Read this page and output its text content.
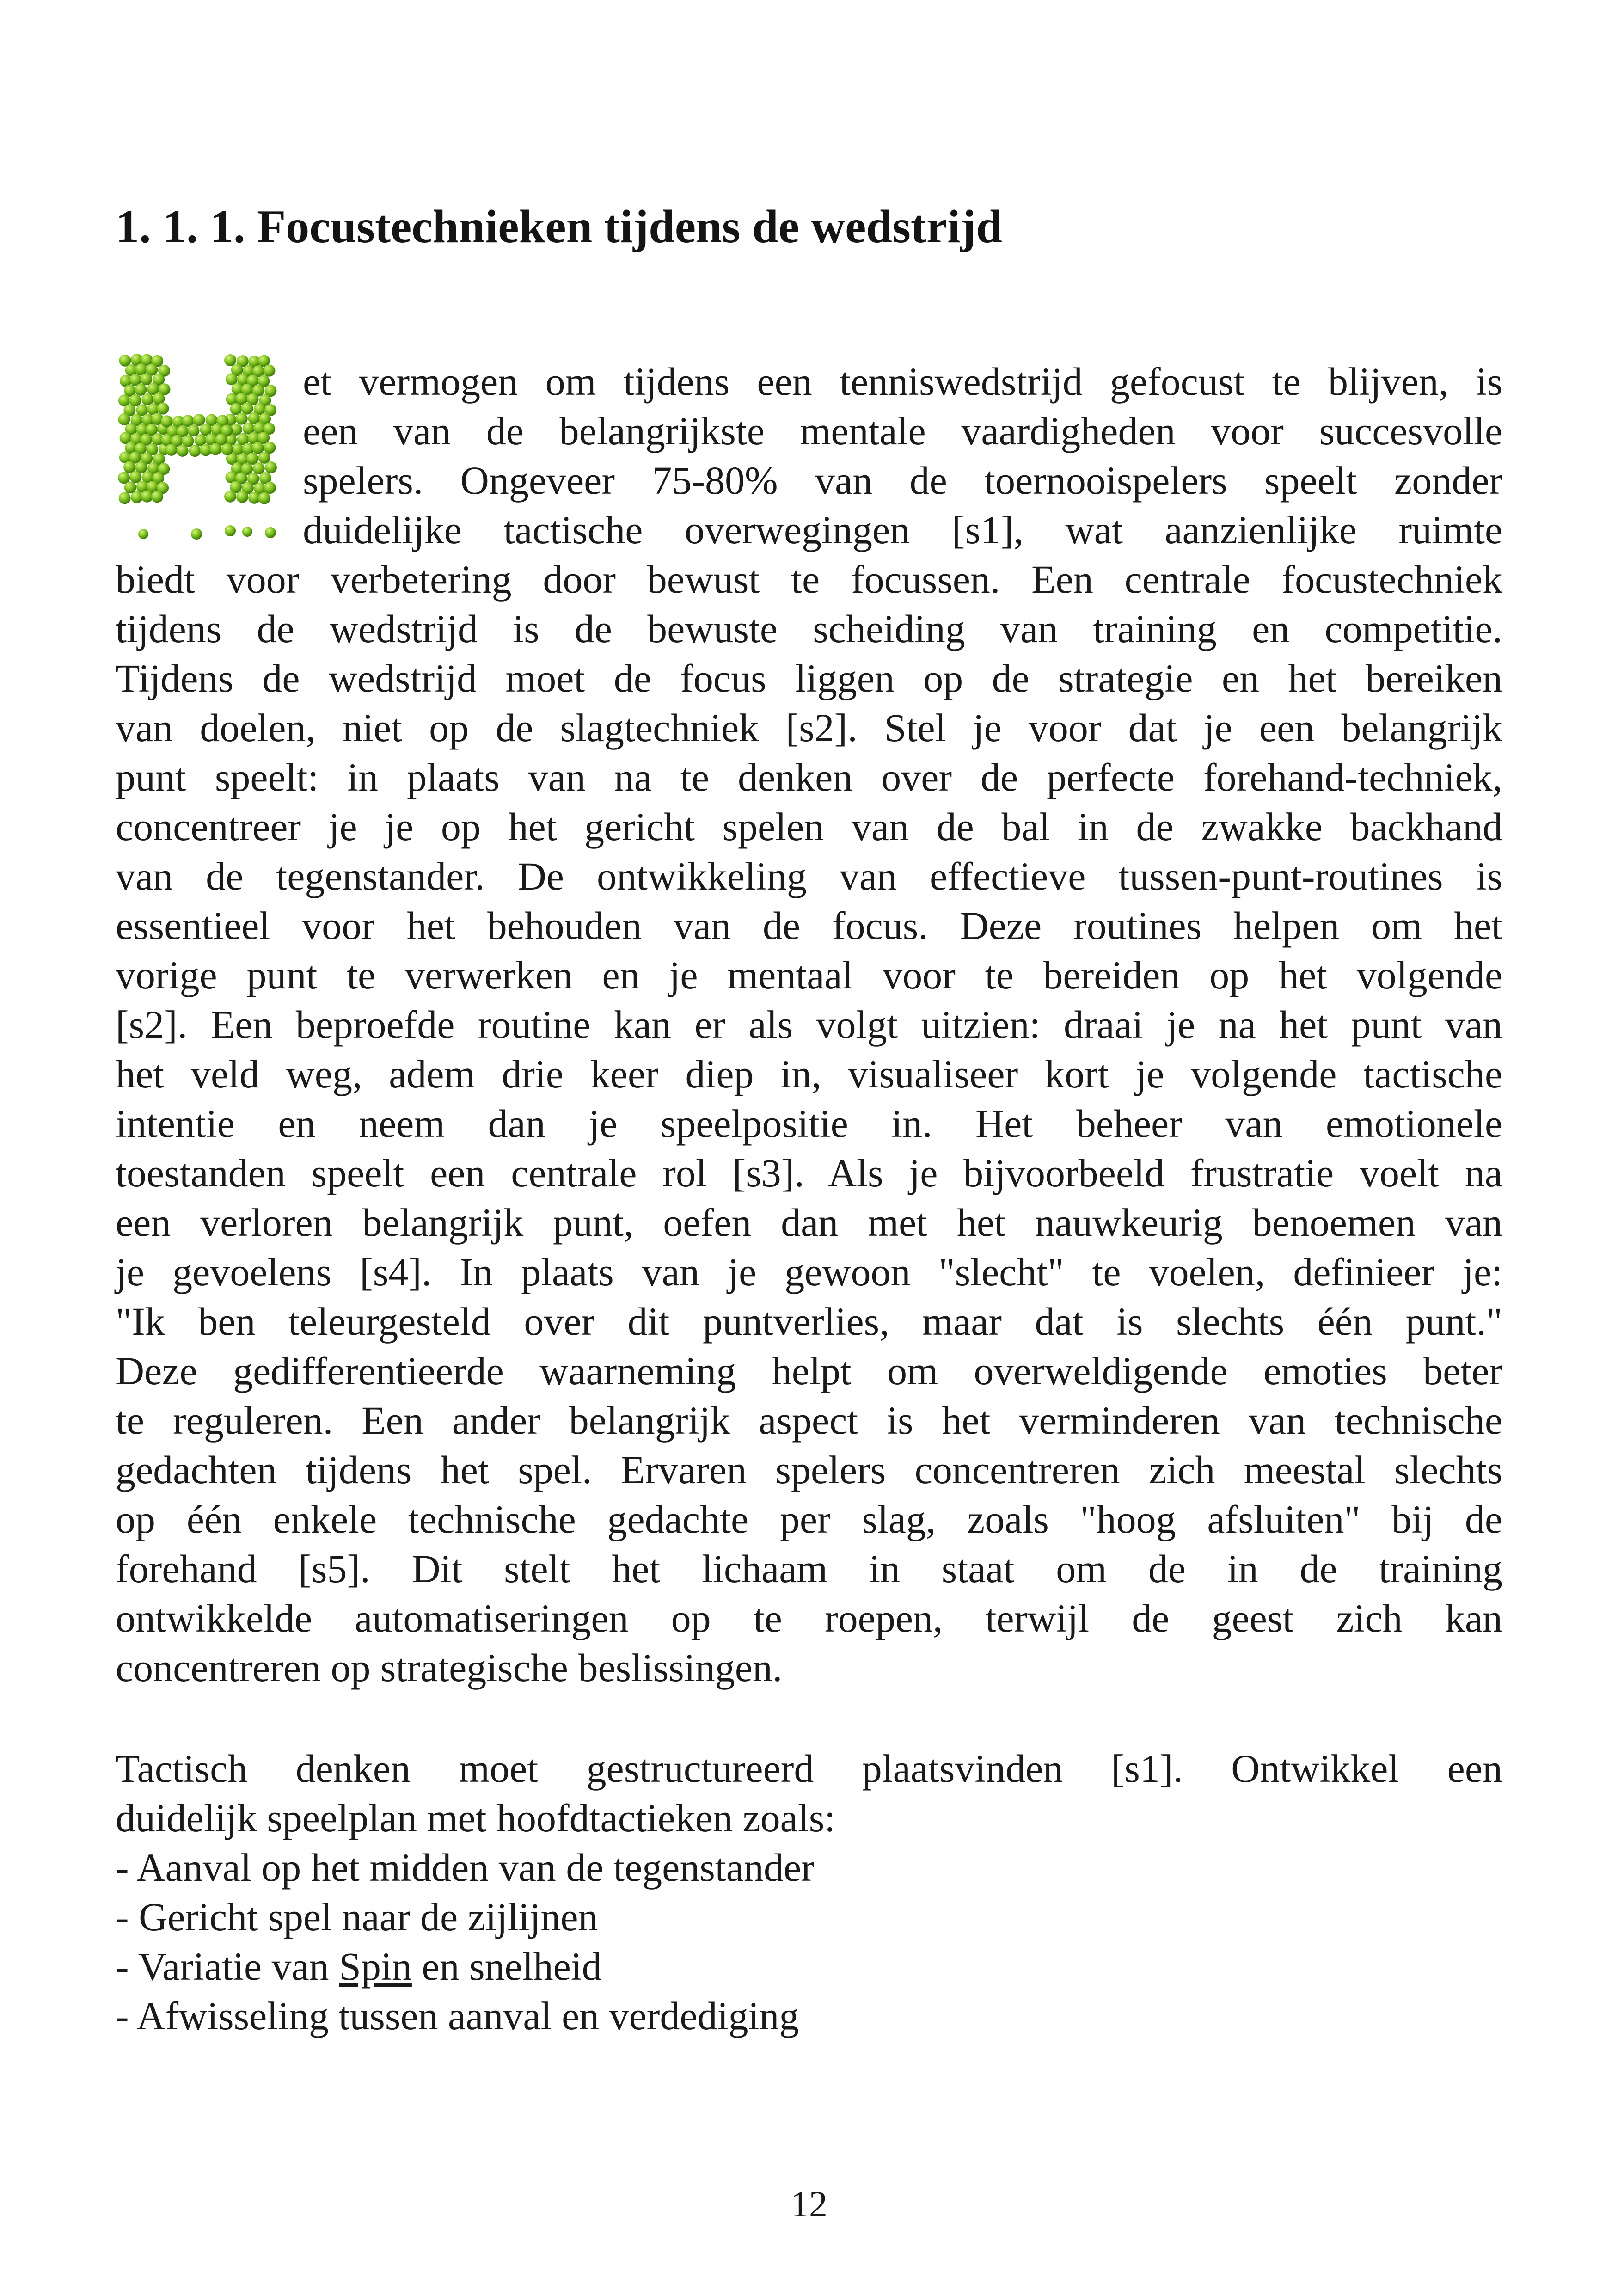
1. 1. 1. Focustechnieken tijdens de wedstrijd
et vermogen om tijdens een tenniswedstrijd gefocust te blijven, is
een van de belangrijkste mentale vaardigheden voor succesvolle
spelers. Ongeveer 75-80% van de toernooispelers speelt zonder
duidelijke tactische overwegingen [s1], wat aanzienlijke ruimte
biedt voor verbetering door bewust te focussen. Een centrale focustechniek
tijdens de wedstrijd is de bewuste scheiding van training en competitie.
Tijdens de wedstrijd moet de focus liggen op de strategie en het bereiken
van doelen, niet op de slagtechniek [s2]. Stel je voor dat je een belangrijk
punt speelt: in plaats van na te denken over de perfecte forehand-techniek,
concentreer je je op het gericht spelen van de bal in de zwakke backhand
van de tegenstander. De ontwikkeling van effectieve tussen-punt-routines is
essentieel voor het behouden van de focus. Deze routines helpen om het
vorige punt te verwerken en je mentaal voor te bereiden op het volgende
[s2]. Een beproefde routine kan er als volgt uitzien: draai je na het punt van
het veld weg, adem drie keer diep in, visualiseer kort je volgende tactische
intentie en neem dan je speelpositie in. Het beheer van emotionele
toestanden speelt een centrale rol [s3]. Als je bijvoorbeeld frustratie voelt na
een verloren belangrijk punt, oefen dan met het nauwkeurig benoemen van
je gevoelens [s4]. In plaats van je gewoon "slecht" te voelen, definieer je:
"Ik ben teleurgesteld over dit puntverlies, maar dat is slechts één punt."
Deze gedifferentieerde waarneming helpt om overweldigende emoties beter
te reguleren. Een ander belangrijk aspect is het verminderen van technische
gedachten tijdens het spel. Ervaren spelers concentreren zich meestal slechts
op één enkele technische gedachte per slag, zoals "hoog afsluiten" bij de
forehand [s5]. Dit stelt het lichaam in staat om de in de training
ontwikkelde automatiseringen op te roepen, terwijl de geest zich kan
concentreren op strategische beslissingen.
Tactisch denken moet gestructureerd plaatsvinden [s1]. Ontwikkel een
duidelijk speelplan met hoofdtactieken zoals:
- Aanval op het midden van de tegenstander
- Gericht spel naar de zijlijnen
- Variatie van Spin en snelheid
- Afwisseling tussen aanval en verdediging
12
